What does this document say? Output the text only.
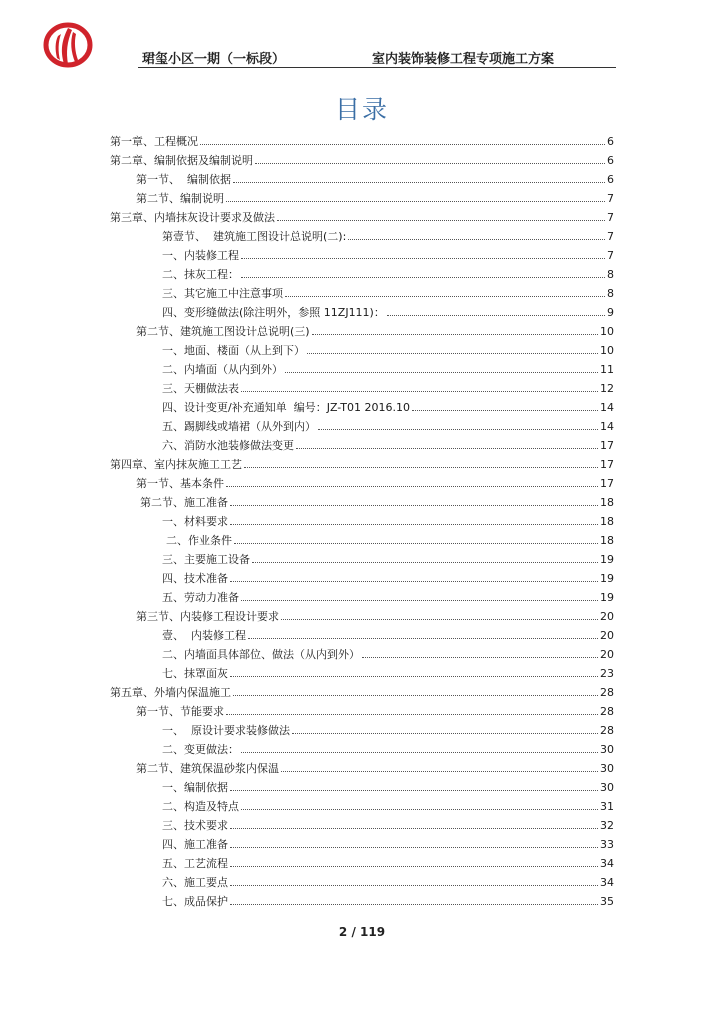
珺玺小区一期（一标段）	室内装饰装修工程专项施工方案
目录
第一章、工程概况	6
第二章、编制依据及编制说明	6
第一节、  编制依据	6
第二节、编制说明	7
第三章、内墙抹灰设计要求及做法	7
第壹节、  建筑施工图设计总说明(二):	7
一、内装修工程	7
二、抹灰工程：	8
三、其它施工中注意事项	8
四、变形缝做法(除注明外，参照 11ZJ111)：	9
第二节、建筑施工图设计总说明(三)	10
一、地面、楼面（从上到下）	10
二、内墙面（从内到外）	11
三、天棚做法表	12
四、设计变更/补充通知单  编号：JZ-T01 2016.10	14
五、踢脚线或墙裙（从外到内）	14
六、消防水池装修做法变更	17
第四章、室内抹灰施工工艺	17
第一节、基本条件	17
第二节、施工准备	18
一、材料要求	18
二、作业条件	18
三、主要施工设备	19
四、技术准备	19
五、劳动力准备	19
第三节、内装修工程设计要求	20
壹、  内装修工程	20
二、内墙面具体部位、做法（从内到外）	20
七、抹罩面灰	23
第五章、外墙内保温施工	28
第一节、节能要求	28
一、  原设计要求装修做法	28
二、变更做法：	30
第二节、建筑保温砂浆内保温	30
一、编制依据	30
二、构造及特点	31
三、技术要求	32
四、施工准备	33
五、工艺流程	34
六、施工要点	34
七、成品保护	35
2 / 119
